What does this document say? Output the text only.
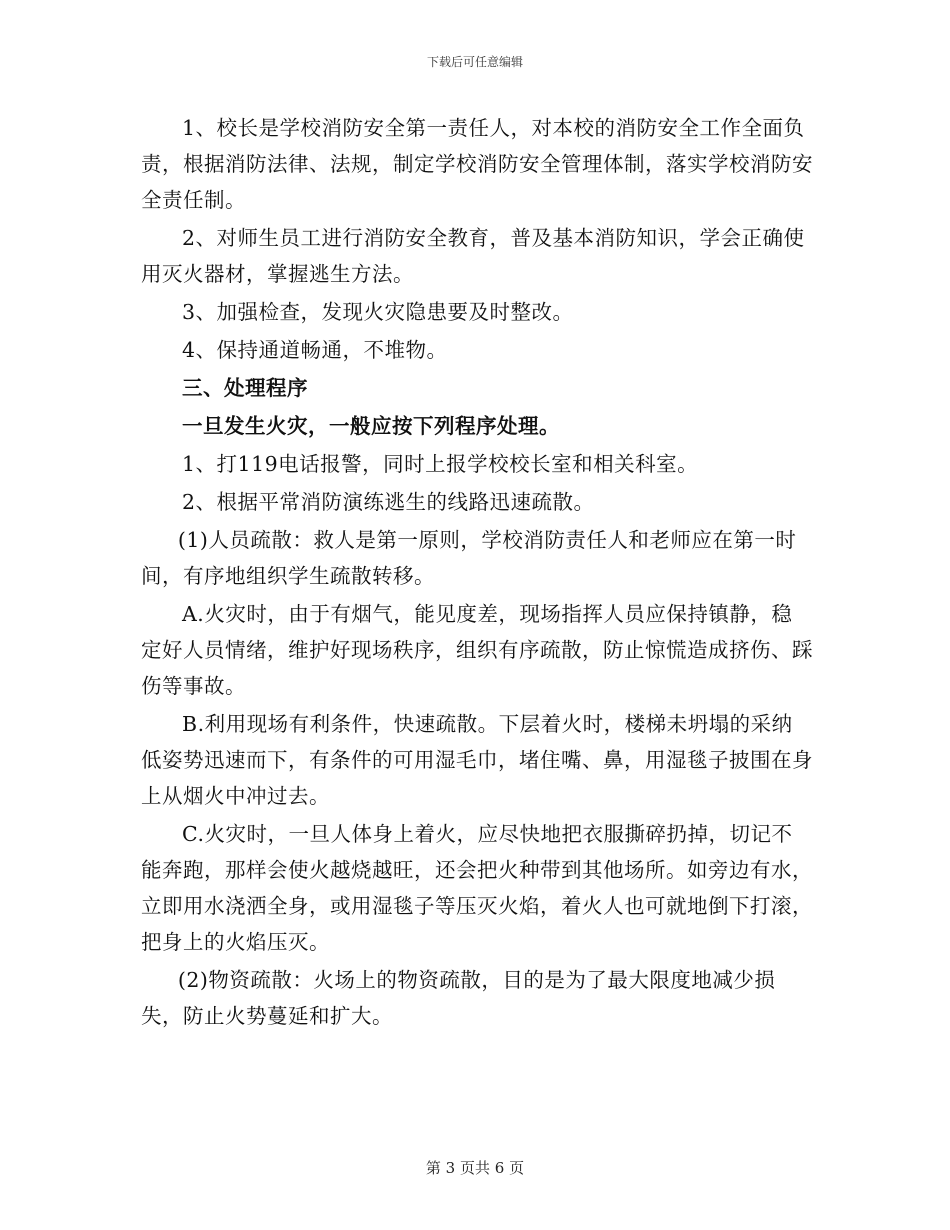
下载后可任意编辑

1、校长是学校消防安全第一责任人，对本校的消防安全工作全面负责，根据消防法律、法规，制定学校消防安全管理体制，落实学校消防安全责任制。

2、对师生员工进行消防安全教育，普及基本消防知识，学会正确使用灭火器材，掌握逃生方法。

3、加强检查，发现火灾隐患要及时整改。

4、保持通道畅通，不堆物。

三、处理程序

一旦发生火灾，一般应按下列程序处理。

1、打119电话报警，同时上报学校校长室和相关科室。

2、根据平常消防演练逃生的线路迅速疏散。

(1)人员疏散：救人是第一原则，学校消防责任人和老师应在第一时间，有序地组织学生疏散转移。

A.火灾时，由于有烟气，能见度差，现场指挥人员应保持镇静，稳定好人员情绪，维护好现场秩序，组织有序疏散，防止惊慌造成挤伤、踩伤等事故。

B.利用现场有利条件，快速疏散。下层着火时，楼梯未坍塌的采纳低姿势迅速而下，有条件的可用湿毛巾，堵住嘴、鼻，用湿毯子披围在身上从烟火中冲过去。

C.火灾时，一旦人体身上着火，应尽快地把衣服撕碎扔掉，切记不能奔跑，那样会使火越烧越旺，还会把火种带到其他场所。如旁边有水，立即用水浇洒全身，或用湿毯子等压灭火焰，着火人也可就地倒下打滚，把身上的火焰压灭。

(2)物资疏散：火场上的物资疏散，目的是为了最大限度地减少损失，防止火势蔓延和扩大。

第 3 页共 6 页
